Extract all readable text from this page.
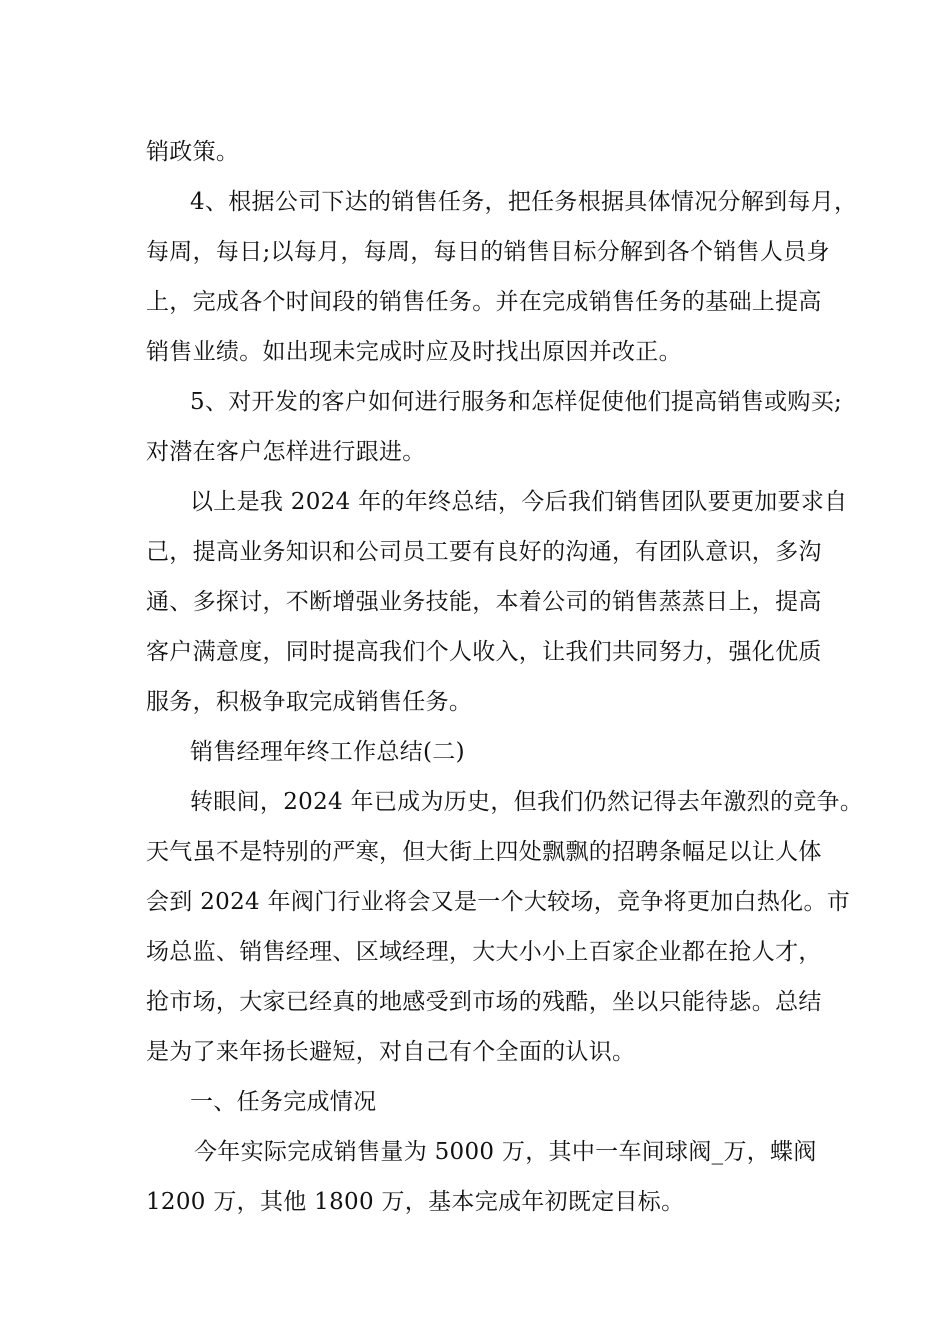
销政策。
4、根据公司下达的销售任务，把任务根据具体情况分解到每月，
每周，每日;以每月，每周，每日的销售目标分解到各个销售人员身
上，完成各个时间段的销售任务。并在完成销售任务的基础上提高
销售业绩。如出现未完成时应及时找出原因并改正。
5、对开发的客户如何进行服务和怎样促使他们提高销售或购买;
对潜在客户怎样进行跟进。
以上是我 2024 年的年终总结，今后我们销售团队要更加要求自
己，提高业务知识和公司员工要有良好的沟通，有团队意识，多沟
通、多探讨，不断增强业务技能，本着公司的销售蒸蒸日上，提高
客户满意度，同时提高我们个人收入，让我们共同努力，强化优质
服务，积极争取完成销售任务。
销售经理年终工作总结(二)
转眼间，2024 年已成为历史，但我们仍然记得去年激烈的竞争。
天气虽不是特别的严寒，但大街上四处飘飘的招聘条幅足以让人体
会到 2024 年阀门行业将会又是一个大较场，竞争将更加白热化。市
场总监、销售经理、区域经理，大大小小上百家企业都在抢人才，
抢市场，大家已经真的地感受到市场的残酷，坐以只能待毖。总结
是为了来年扬长避短，对自己有个全面的认识。
一、任务完成情况
今年实际完成销售量为 5000 万，其中一车间球阀_万，蝶阀
1200 万，其他 1800 万，基本完成年初既定目标。
